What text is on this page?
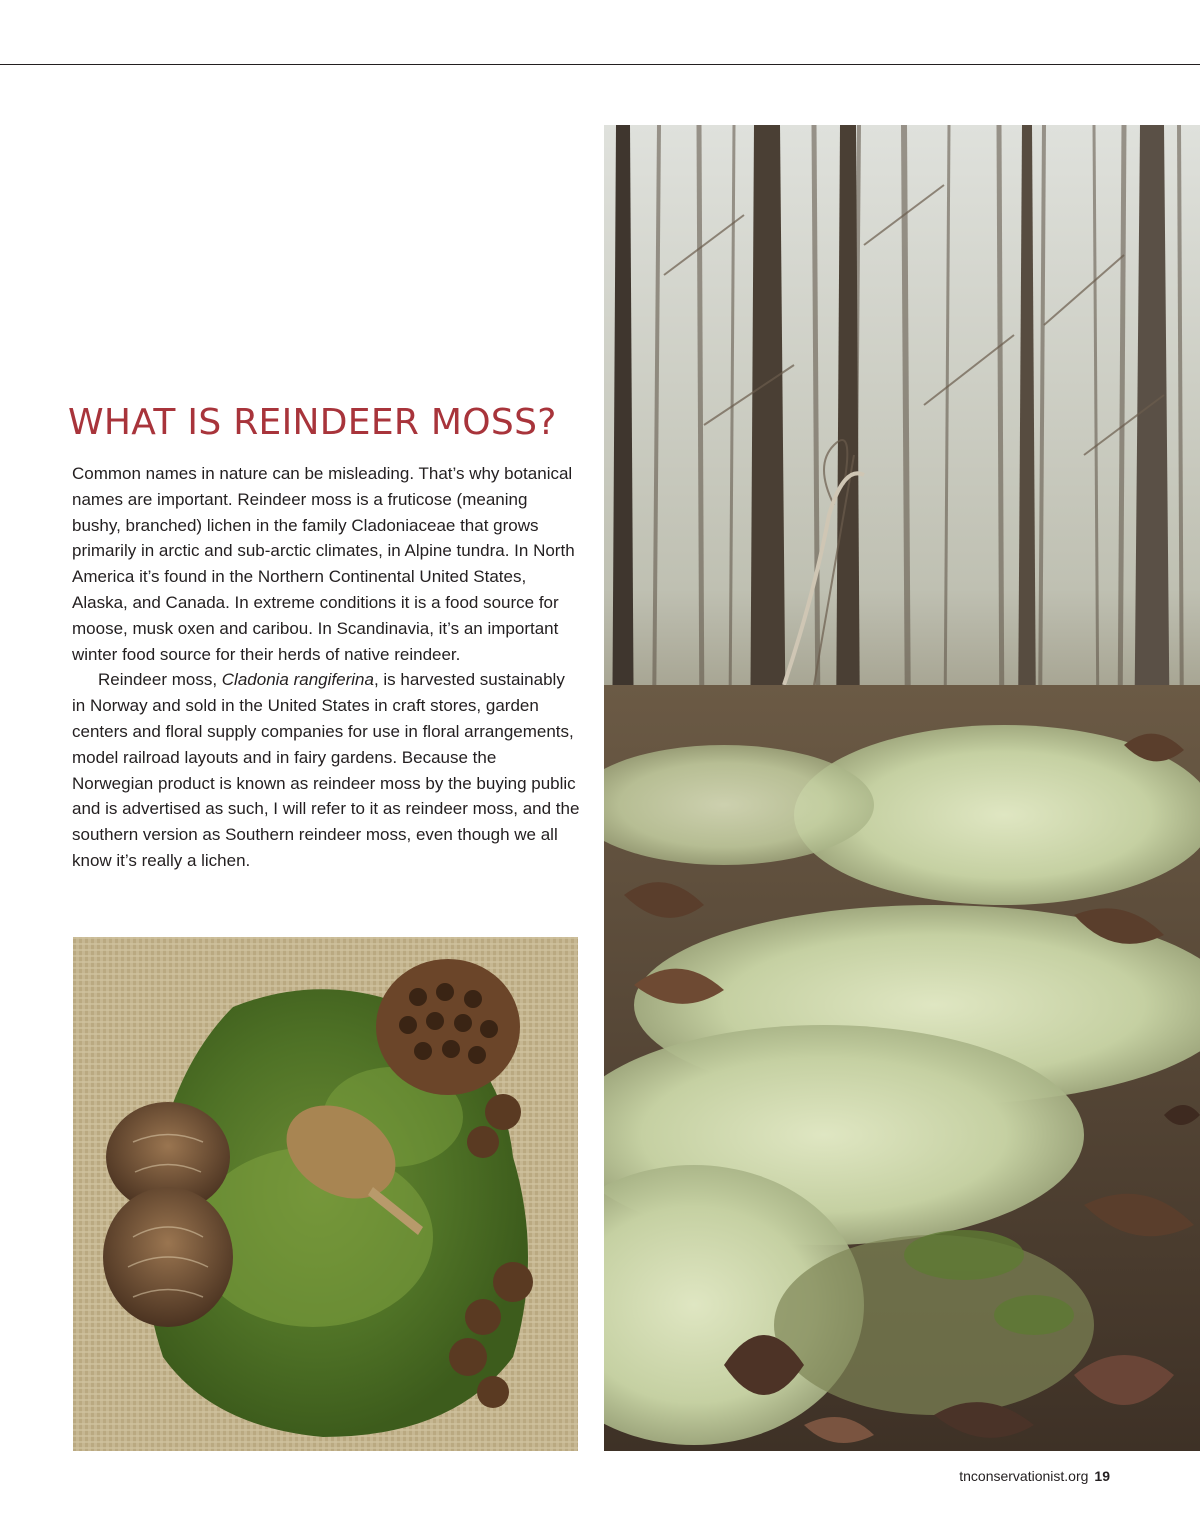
WHAT IS REINDEER MOSS?

Common names in nature can be misleading. That’s why botanical names are important. Reindeer moss is a fruticose (meaning bushy, branched) lichen in the family Cladoniaceae that grows primarily in arctic and sub-arctic climates, in Alpine tundra. In North America it’s found in the Northern Continental United States, Alaska, and Canada. In extreme conditions it is a food source for moose, musk oxen and caribou. In Scandinavia, it’s an important winter food source for their herds of native reindeer.

Reindeer moss, Cladonia rangiferina, is harvested sustainably in Norway and sold in the United States in craft stores, garden centers and floral supply companies for use in floral arrangements, model railroad layouts and in fairy gardens. Because the Norwegian product is known as reindeer moss by the buying public and is advertised as such, I will refer to it as reindeer moss, and the southern version as Southern reindeer moss, even though we all know it’s really a lichen.

tnconservationist.org 19
